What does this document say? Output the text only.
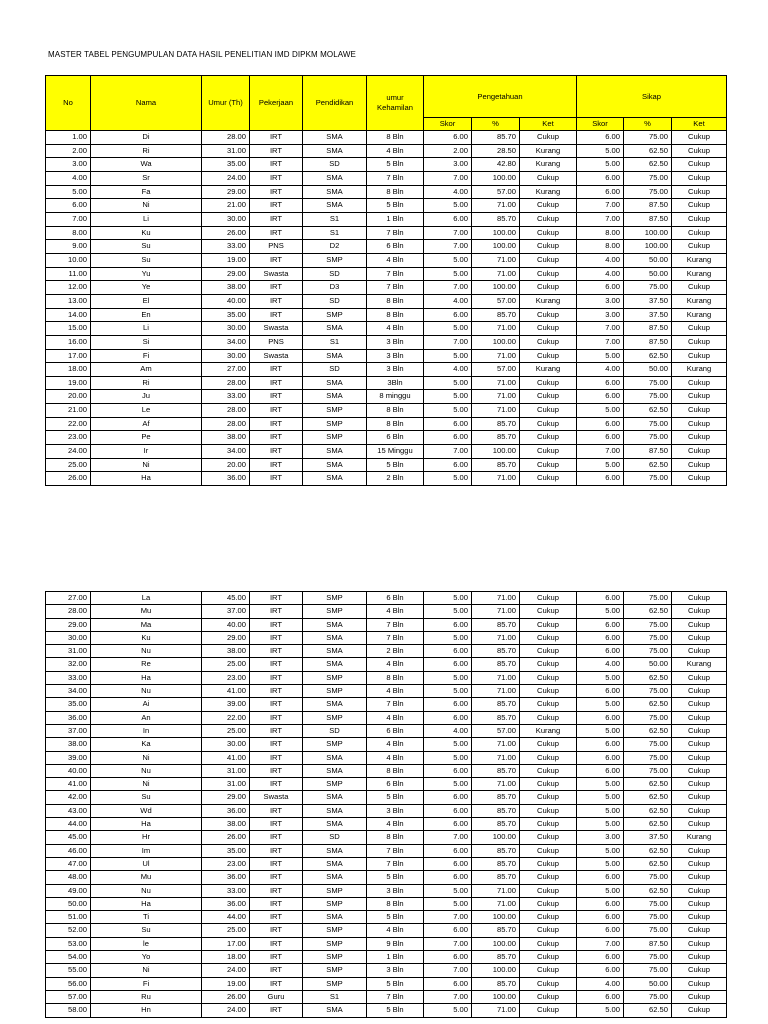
MASTER TABEL PENGUMPULAN DATA HASIL PENELITIAN IMD DIPKM MOLAWE
No	Nama	Umur (Th)	Pekerjaan	Pendidikan	umur Kehamilan	Pengetahuan			Sikap		
						Skor	%	Ket	Skor	%	Ket
1.00	Di	28.00	IRT	SMA	8 Bln	6.00	85.70	Cukup	6.00	75.00	Cukup
2.00	Ri	31.00	IRT	SMA	4 Bln	2.00	28.50	Kurang	5.00	62.50	Cukup
3.00	Wa	35.00	IRT	SD	5 Bln	3.00	42.80	Kurang	5.00	62.50	Cukup
4.00	Sr	24.00	IRT	SMA	7 Bln	7.00	100.00	Cukup	6.00	75.00	Cukup
5.00	Fa	29.00	IRT	SMA	8 Bln	4.00	57.00	Kurang	6.00	75.00	Cukup
6.00	Ni	21.00	IRT	SMA	5 Bln	5.00	71.00	Cukup	7.00	87.50	Cukup
7.00	Li	30.00	IRT	S1	1 Bln	6.00	85.70	Cukup	7.00	87.50	Cukup
8.00	Ku	26.00	IRT	S1	7 Bln	7.00	100.00	Cukup	8.00	100.00	Cukup
9.00	Su	33.00	PNS	D2	6 Bln	7.00	100.00	Cukup	8.00	100.00	Cukup
10.00	Su	19.00	IRT	SMP	4 Bln	5.00	71.00	Cukup	4.00	50.00	Kurang
11.00	Yu	29.00	Swasta	SD	7 Bln	5.00	71.00	Cukup	4.00	50.00	Kurang
12.00	Ye	38.00	IRT	D3	7 Bln	7.00	100.00	Cukup	6.00	75.00	Cukup
13.00	El	40.00	IRT	SD	8 Bln	4.00	57.00	Kurang	3.00	37.50	Kurang
14.00	En	35.00	IRT	SMP	8 Bln	6.00	85.70	Cukup	3.00	37.50	Kurang
15.00	Li	30.00	Swasta	SMA	4 Bln	5.00	71.00	Cukup	7.00	87.50	Cukup
16.00	Si	34.00	PNS	S1	3 Bln	7.00	100.00	Cukup	7.00	87.50	Cukup
17.00	Fi	30.00	Swasta	SMA	3 Bln	5.00	71.00	Cukup	5.00	62.50	Cukup
18.00	Am	27.00	IRT	SD	3 Bln	4.00	57.00	Kurang	4.00	50.00	Kurang
19.00	Ri	28.00	IRT	SMA	3Bln	5.00	71.00	Cukup	6.00	75.00	Cukup
20.00	Ju	33.00	IRT	SMA	8 minggu	5.00	71.00	Cukup	6.00	75.00	Cukup
21.00	Le	28.00	IRT	SMP	8 Bln	5.00	71.00	Cukup	5.00	62.50	Cukup
22.00	Af	28.00	IRT	SMP	8 Bln	6.00	85.70	Cukup	6.00	75.00	Cukup
23.00	Pe	38.00	IRT	SMP	6 Bln	6.00	85.70	Cukup	6.00	75.00	Cukup
24.00	Ir	34.00	IRT	SMA	15 Minggu	7.00	100.00	Cukup	7.00	87.50	Cukup
25.00	Ni	20.00	IRT	SMA	5 Bln	6.00	85.70	Cukup	5.00	62.50	Cukup
26.00	Ha	36.00	IRT	SMA	2 Bln	5.00	71.00	Cukup	6.00	75.00	Cukup
27.00	La	45.00	IRT	SMP	6 Bln	5.00	71.00	Cukup	6.00	75.00	Cukup
28.00	Mu	37.00	IRT	SMP	4 Bln	5.00	71.00	Cukup	5.00	62.50	Cukup
29.00	Ma	40.00	IRT	SMA	7 Bln	6.00	85.70	Cukup	6.00	75.00	Cukup
30.00	Ku	29.00	IRT	SMA	7 Bln	5.00	71.00	Cukup	6.00	75.00	Cukup
31.00	Nu	38.00	IRT	SMA	2 Bln	6.00	85.70	Cukup	6.00	75.00	Cukup
32.00	Re	25.00	IRT	SMA	4 Bln	6.00	85.70	Cukup	4.00	50.00	Kurang
33.00	Ha	23.00	IRT	SMP	8 Bln	5.00	71.00	Cukup	5.00	62.50	Cukup
34.00	Nu	41.00	IRT	SMP	4 Bln	5.00	71.00	Cukup	6.00	75.00	Cukup
35.00	Ai	39.00	IRT	SMA	7 Bln	6.00	85.70	Cukup	5.00	62.50	Cukup
36.00	An	22.00	IRT	SMP	4 Bln	6.00	85.70	Cukup	6.00	75.00	Cukup
37.00	In	25.00	IRT	SD	6 Bln	4.00	57.00	Kurang	5.00	62.50	Cukup
38.00	Ka	30.00	IRT	SMP	4 Bln	5.00	71.00	Cukup	6.00	75.00	Cukup
39.00	Ni	41.00	IRT	SMA	4 Bln	5.00	71.00	Cukup	6.00	75.00	Cukup
40.00	Nu	31.00	IRT	SMA	8 Bln	6.00	85.70	Cukup	6.00	75.00	Cukup
41.00	Ni	31.00	IRT	SMP	6 Bln	5.00	71.00	Cukup	5.00	62.50	Cukup
42.00	Su	29.00	Swasta	SMA	5 Bln	6.00	85.70	Cukup	5.00	62.50	Cukup
43.00	Wd	36.00	IRT	SMA	3 Bln	6.00	85.70	Cukup	5.00	62.50	Cukup
44.00	Ha	38.00	IRT	SMA	4 Bln	6.00	85.70	Cukup	5.00	62.50	Cukup
45.00	Hr	26.00	IRT	SD	8 Bln	7.00	100.00	Cukup	3.00	37.50	Kurang
46.00	Im	35.00	IRT	SMA	7 Bln	6.00	85.70	Cukup	5.00	62.50	Cukup
47.00	Ul	23.00	IRT	SMA	7 Bln	6.00	85.70	Cukup	5.00	62.50	Cukup
48.00	Mu	36.00	IRT	SMA	5 Bln	6.00	85.70	Cukup	6.00	75.00	Cukup
49.00	Nu	33.00	IRT	SMP	3 Bln	5.00	71.00	Cukup	5.00	62.50	Cukup
50.00	Ha	36.00	IRT	SMP	8 Bln	5.00	71.00	Cukup	6.00	75.00	Cukup
51.00	Ti	44.00	IRT	SMA	5 Bln	7.00	100.00	Cukup	6.00	75.00	Cukup
52.00	Su	25.00	IRT	SMP	4 Bln	6.00	85.70	Cukup	6.00	75.00	Cukup
53.00	le	17.00	IRT	SMP	9 Bln	7.00	100.00	Cukup	7.00	87.50	Cukup
54.00	Yo	18.00	IRT	SMP	1 Bln	6.00	85.70	Cukup	6.00	75.00	Cukup
55.00	Ni	24.00	IRT	SMP	3 Bln	7.00	100.00	Cukup	6.00	75.00	Cukup
56.00	Fi	19.00	IRT	SMP	5 Bln	6.00	85.70	Cukup	4.00	50.00	Cukup
57.00	Ru	26.00	Guru	S1	7 Bln	7.00	100.00	Cukup	6.00	75.00	Cukup
58.00	Hn	24.00	IRT	SMA	5 Bln	5.00	71.00	Cukup	5.00	62.50	Cukup
